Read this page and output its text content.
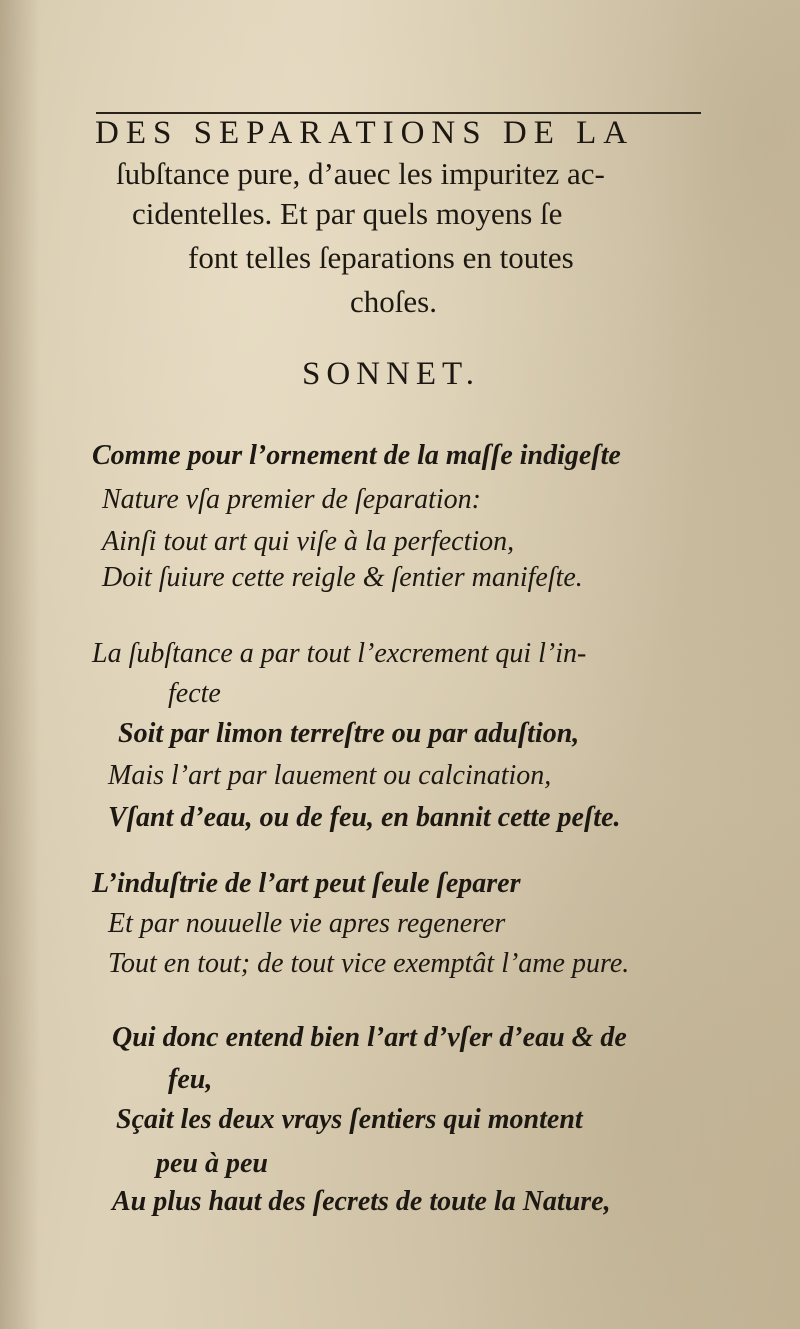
DES SEPARATIONS DE LA
ſubſtance pure, d’auec les impuritez ac-
cidentelles. Et par quels moyens ſe
font telles ſeparations en toutes
choſes.
SONNET.
Comme pour l’ornement de la maſſe indigeſte
Nature vſa premier de ſeparation:
Ainſi tout art qui viſe à la perfection,
Doit ſuiure cette reigle & ſentier manifeſte.
La ſubſtance a par tout l’excrement qui l’in-
fecte
Soit par limon terreſtre ou par aduſtion,
Mais l’art par lauement ou calcination,
Vſant d’eau, ou de feu, en bannit cette peſte.
L’induſtrie de l’art peut ſeule ſeparer
Et par nouuelle vie apres regenerer
Tout en tout; de tout vice exemptât l’ame pure.
Qui donc entend bien l’art d’vſer d’eau & de
feu,
Sçait les deux vrays ſentiers qui montent
peu à peu
Au plus haut des ſecrets de toute la Nature,
